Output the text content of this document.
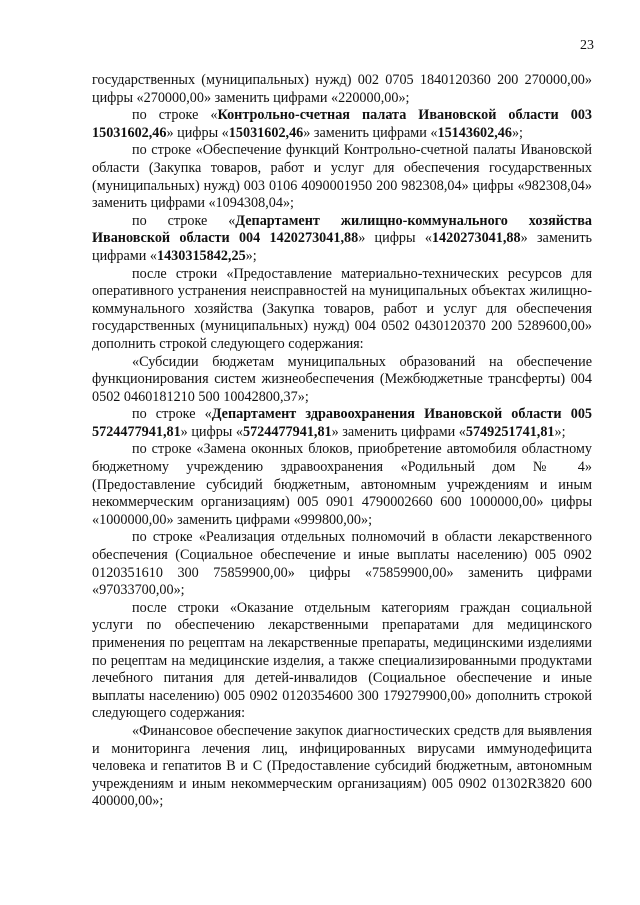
23

государственных (муниципальных) нужд) 002 0705 1840120360 200 270000,00» цифры «270000,00» заменить цифрами «220000,00»;

по строке «Контрольно-счетная палата Ивановской области 003 15031602,46» цифры «15031602,46» заменить цифрами «15143602,46»;

по строке «Обеспечение функций Контрольно-счетной палаты Ивановской области (Закупка товаров, работ и услуг для обеспечения государственных (муниципальных) нужд) 003 0106 4090001950 200 982308,04» цифры «982308,04» заменить цифрами «1094308,04»;

по строке «Департамент жилищно-коммунального хозяйства Ивановской области 004 1420273041,88» цифры «1420273041,88» заменить цифрами «1430315842,25»;

после строки «Предоставление материально-технических ресурсов для оперативного устранения неисправностей на муниципальных объектах жилищно-коммунального хозяйства (Закупка товаров, работ и услуг для обеспечения государственных (муниципальных) нужд) 004 0502 0430120370 200 5289600,00» дополнить строкой следующего содержания:

«Субсидии бюджетам муниципальных образований на обеспечение функционирования систем жизнеобеспечения (Межбюджетные трансферты) 004 0502 0460181210 500 10042800,37»;

по строке «Департамент здравоохранения Ивановской области 005 5724477941,81» цифры «5724477941,81» заменить цифрами «5749251741,81»;

по строке «Замена оконных блоков, приобретение автомобиля областному бюджетному учреждению здравоохранения «Родильный дом № 4» (Предоставление субсидий бюджетным, автономным учреждениям и иным некоммерческим организациям) 005 0901 4790002660 600 1000000,00» цифры «1000000,00» заменить цифрами «999800,00»;

по строке «Реализация отдельных полномочий в области лекарственного обеспечения (Социальное обеспечение и иные выплаты населению) 005 0902 0120351610 300 75859900,00» цифры «75859900,00» заменить цифрами «97033700,00»;

после строки «Оказание отдельным категориям граждан социальной услуги по обеспечению лекарственными препаратами для медицинского применения по рецептам на лекарственные препараты, медицинскими изделиями по рецептам на медицинские изделия, а также специализированными продуктами лечебного питания для детей-инвалидов (Социальное обеспечение и иные выплаты населению) 005 0902 0120354600 300 179279900,00» дополнить строкой следующего содержания:

«Финансовое обеспечение закупок диагностических средств для выявления и мониторинга лечения лиц, инфицированных вирусами иммунодефицита человека и гепатитов В и С (Предоставление субсидий бюджетным, автономным учреждениям и иным некоммерческим организациям) 005 0902 01302R3820 600 400000,00»;
